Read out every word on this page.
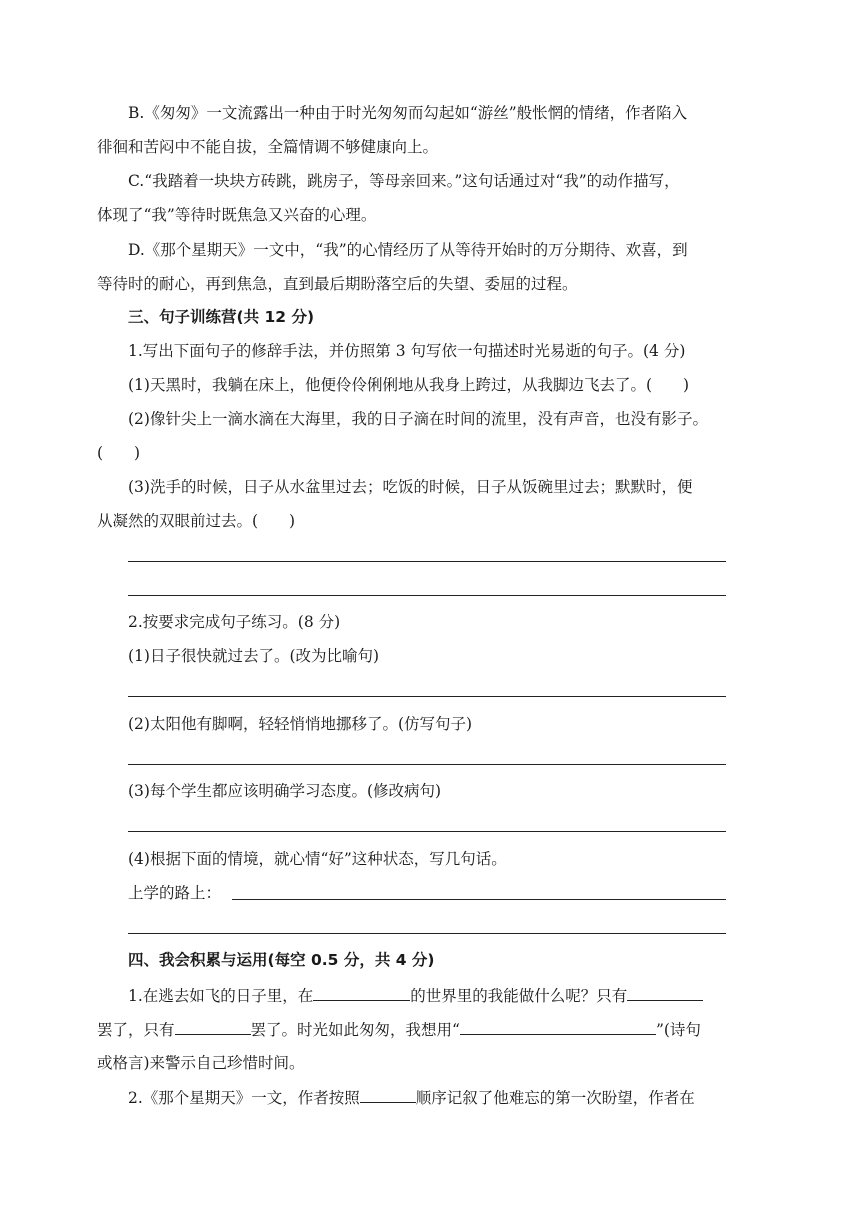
B.《匆匆》一文流露出一种由于时光匆匆而勾起如“游丝”般怅惘的情绪，作者陷入
徘徊和苦闷中不能自拔，全篇情调不够健康向上。
C.“我踏着一块块方砖跳，跳房子，等母亲回来。”这句话通过对“我”的动作描写，
体现了“我”等待时既焦急又兴奋的心理。
D.《那个星期天》一文中，“我”的心情经历了从等待开始时的万分期待、欢喜，到
等待时的耐心，再到焦急，直到最后期盼落空后的失望、委屈的过程。
三、句子训练营(共 12 分)
1.写出下面句子的修辞手法，并仿照第 3 句写依一句描述时光易逝的句子。(4 分)
(1)天黑时，我躺在床上，他便伶伶俐俐地从我身上跨过，从我脚边飞去了。(　　)
(2)像针尖上一滴水滴在大海里，我的日子滴在时间的流里，没有声音，也没有影子。
(　　)
(3)洗手的时候，日子从水盆里过去；吃饭的时候，日子从饭碗里过去；默默时，便
从凝然的双眼前过去。(　　)
2.按要求完成句子练习。(8 分)
(1)日子很快就过去了。(改为比喻句)
(2)太阳他有脚啊，轻轻悄悄地挪移了。(仿写句子)
(3)每个学生都应该明确学习态度。(修改病句)
(4)根据下面的情境，就心情“好”这种状态，写几句话。
上学的路上：
四、我会积累与运用(每空 0.5 分，共 4 分)
1.在逃去如飞的日子里，在	的世界里的我能做什么呢？只有
罢了，只有	罢了。时光如此匆匆，我想用“	”(诗句
或格言)来警示自己珍惜时间。
2.《那个星期天》一文，作者按照	顺序记叙了他难忘的第一次盼望，作者在
